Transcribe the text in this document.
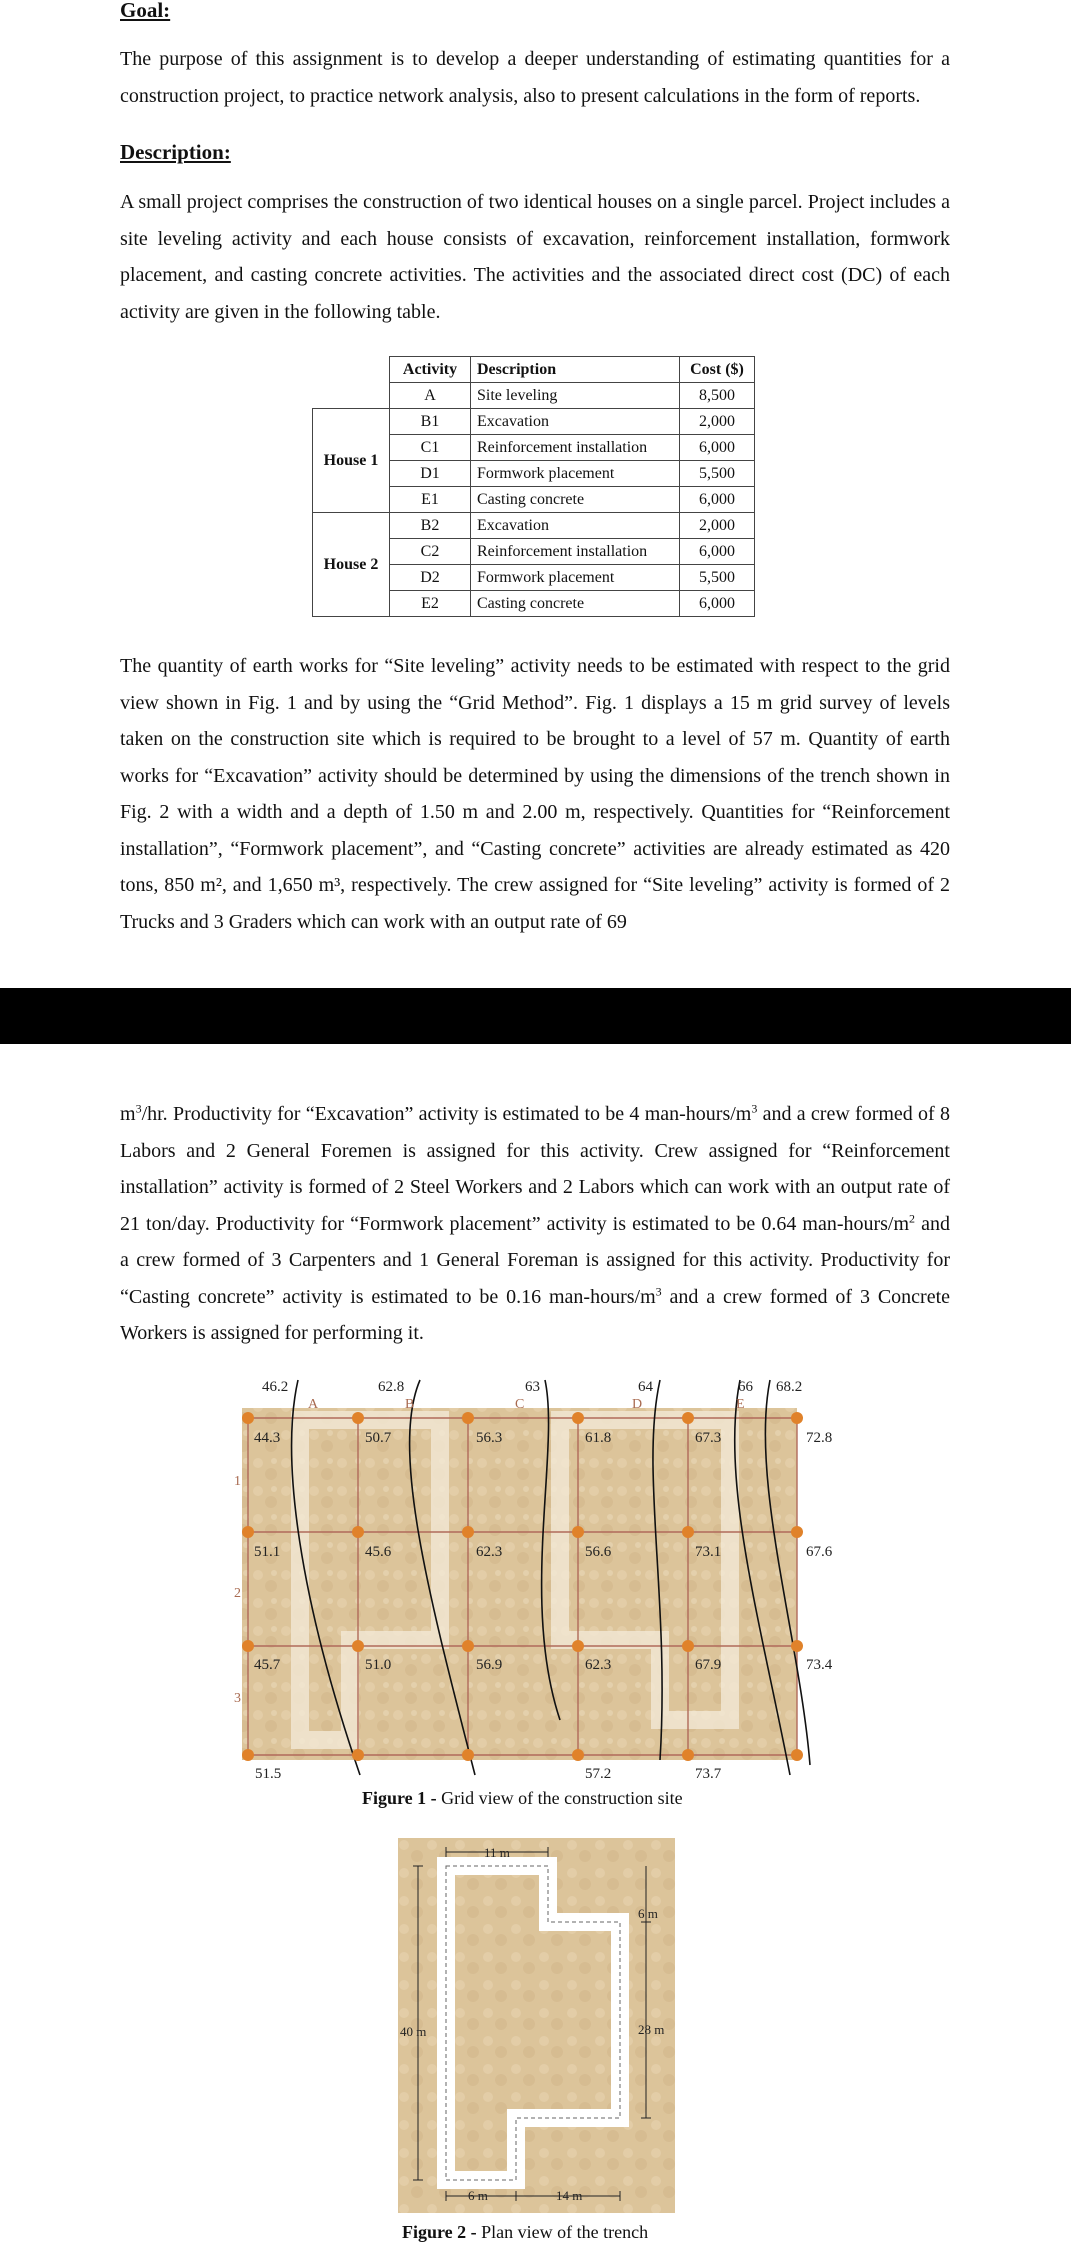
Goal:

The purpose of this assignment is to develop a deeper understanding of estimating quantities for a construction project, to practice network analysis, also to present calculations in the form of reports.

Description:

A small project comprises the construction of two identical houses on a single parcel. Project includes a site leveling activity and each house consists of excavation, reinforcement installation, formwork placement, and casting concrete activities. The activities and the associated direct cost (DC) of each activity are given in the following table.

	Activity	Description	Cost ($)
	A	Site leveling	8,500
House 1	B1	Excavation	2,000
	C1	Reinforcement installation	6,000
	D1	Formwork placement	5,500
	E1	Casting concrete	6,000
House 2	B2	Excavation	2,000
	C2	Reinforcement installation	6,000
	D2	Formwork placement	5,500
	E2	Casting concrete	6,000

The quantity of earth works for “Site leveling” activity needs to be estimated with respect to the grid view shown in Fig. 1 and by using the “Grid Method”. Fig. 1 displays a 15 m grid survey of levels taken on the construction site which is required to be brought to a level of 57 m. Quantity of earth works for “Excavation” activity should be determined by using the dimensions of the trench shown in Fig. 2 with a width and a depth of 1.50 m and 2.00 m, respectively. Quantities for “Reinforcement installation”, “Formwork placement”, and “Casting concrete” activities are already estimated as 420 tons, 850 m², and 1,650 m³, respectively. The crew assigned for “Site leveling” activity is formed of 2 Trucks and 3 Graders which can work with an output rate of 69

$m^3/hr$. Productivity for “Excavation” activity is estimated to be 4 man-$hours/m^3$ and a crew formed of 8 Labors and 2 General Foremen is assigned for this activity. Crew assigned for “Reinforcement installation” activity is formed of 2 Steel Workers and 2 Labors which can work with an output rate of 21 ton/day. Productivity for “Formwork placement” activity is estimated to be 0.64 man-$hours/m^2$ and a crew formed of 3 Carpenters and 1 General Foreman is assigned for this activity. Productivity for “Casting concrete” activity is estimated to be 0.16 man-$hours/m^3$ and a crew formed of 3 Concrete Workers is assigned for performing it.

46.2	62.8	63	64	66 68.2
A	B	C	D	E
1
2
3
44.3	50.7	56.3	61.8	67.3	72.8
51.1	45.6	62.3	56.6	73.1	67.6
45.7	51.0	56.9	62.3	67.9	73.4
51.5	57.2	73.7

Figure 1 - Grid view of the construction site

11 m
6 m
40 m	28 m
6 m	14 m

Figure 2 - Plan view of the trench
